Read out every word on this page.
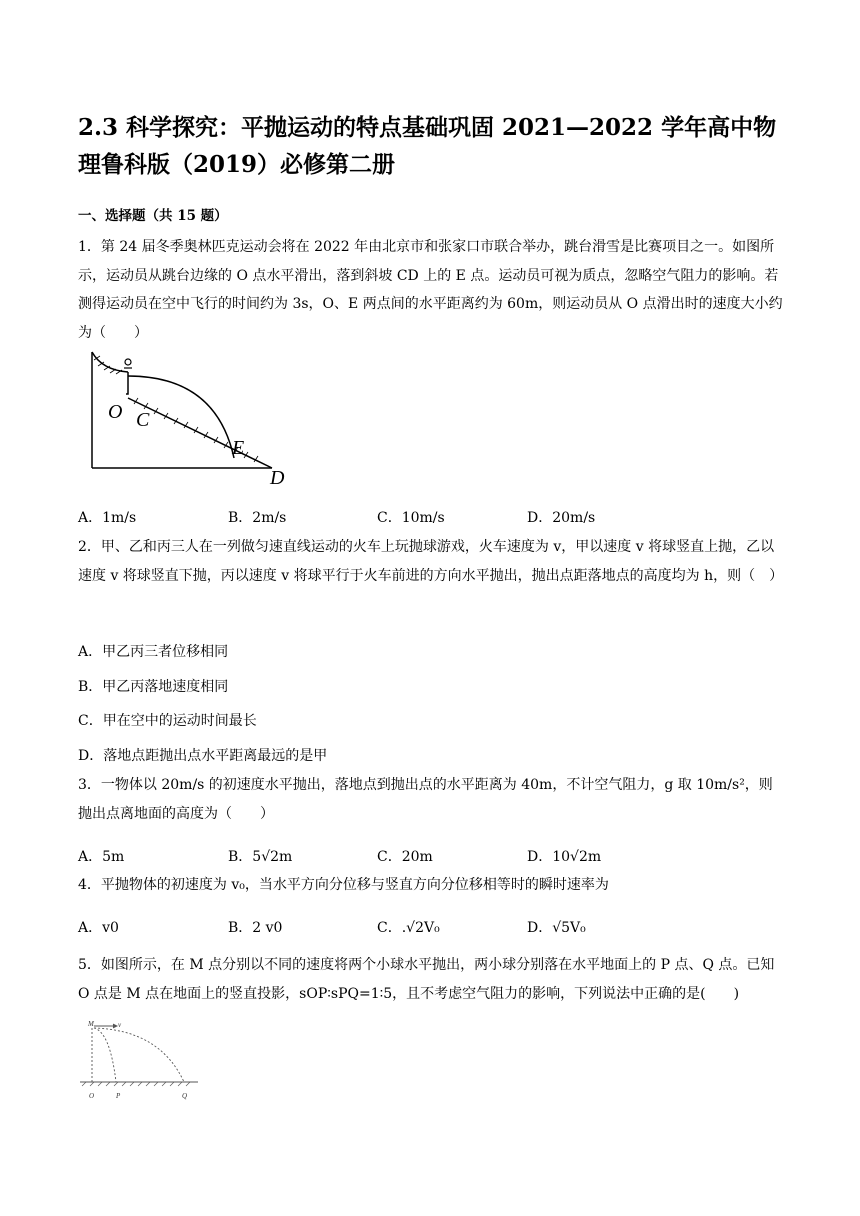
2.3 科学探究：平抛运动的特点基础巩固 2021—2022 学年高中物理鲁科版（2019）必修第二册
一、选择题（共 15 题）
1．第 24 届冬季奥林匹克运动会将在 2022 年由北京市和张家口市联合举办，跳台滑雪是比赛项目之一。如图所示，运动员从跳台边缘的 O 点水平滑出，落到斜坡 CD 上的 E 点。运动员可视为质点，忽略空气阻力的影响。若测得运动员在空中飞行的时间约为 3s，O、E 两点间的水平距离约为 60m，则运动员从 O 点滑出时的速度大小约为（　　）
O C
E
D
A．1m/s	B．2m/s	C．10m/s	D．20m/s
2．甲、乙和丙三人在一列做匀速直线运动的火车上玩抛球游戏，火车速度为 v，甲以速度 v 将球竖直上抛，乙以速度 v 将球竖直下抛，丙以速度 v 将球平行于火车前进的方向水平抛出，抛出点距落地点的高度均为 h，则（　）
A．甲乙丙三者位移相同
B．甲乙丙落地速度相同
C．甲在空中的运动时间最长
D．落地点距抛出点水平距离最远的是甲
3．一物体以 20m/s 的初速度水平抛出，落地点到抛出点的水平距离为 40m，不计空气阻力，g 取 10m/s²，则抛出点离地面的高度为（　　）
A．5m	B．5√2m	C．20m	D．10√2m
4．平抛物体的初速度为 v₀，当水平方向分位移与竖直方向分位移相等时的瞬时速率为
A．v0	B．2 v0	C．.√2V₀	D．√5V₀
5．如图所示，在 M 点分别以不同的速度将两个小球水平抛出，两小球分别落在水平地面上的 P 点、Q 点。已知 O 点是 M 点在地面上的竖直投影，sOP∶sPQ=1∶5，且不考虑空气阻力的影响，下列说法中正确的是(　　)
M	v
O	P	Q
